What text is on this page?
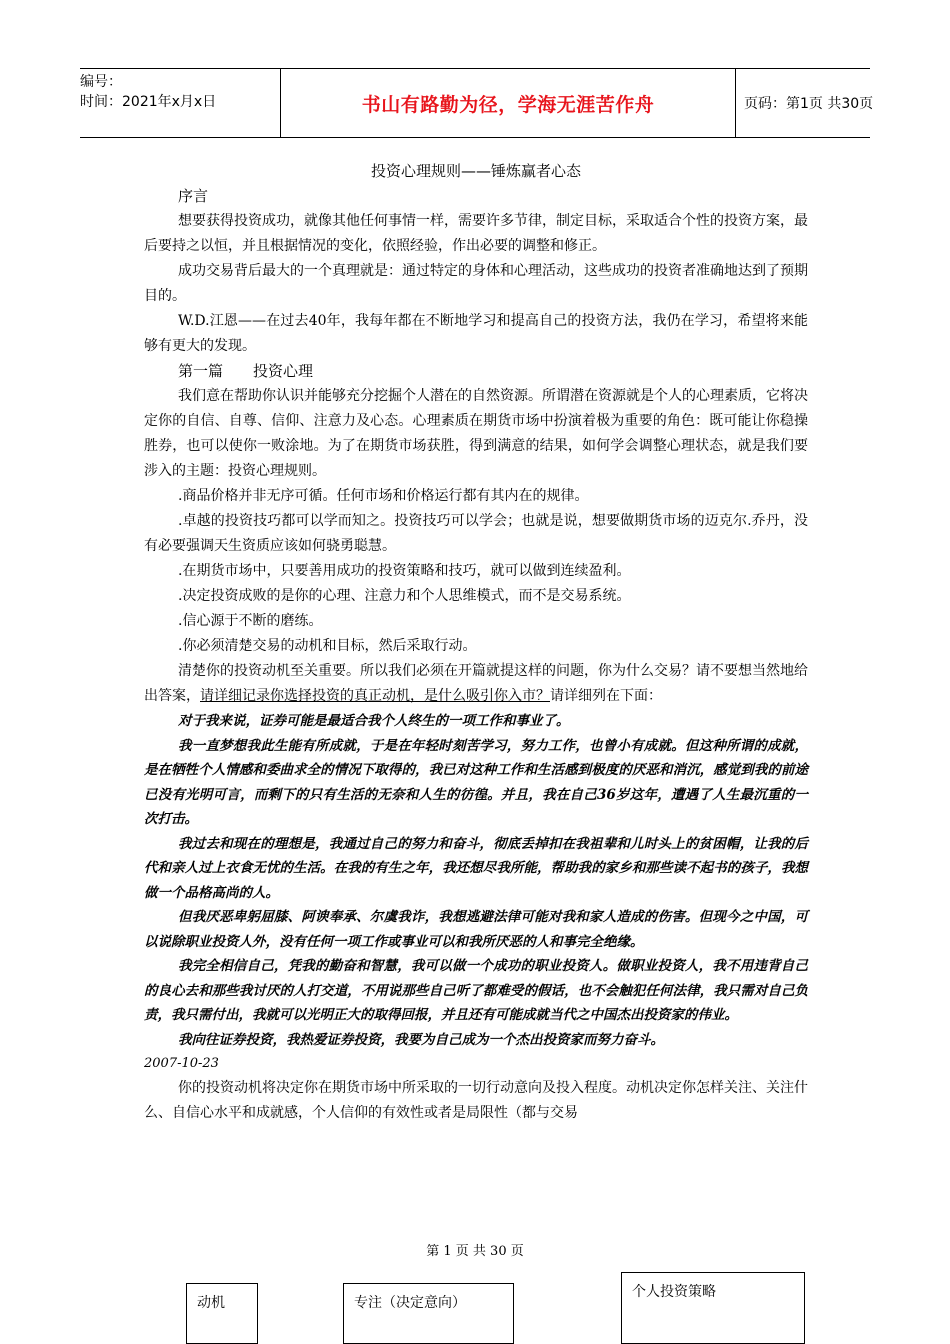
编号：
时间：2021年x月x日	书山有路勤为径，学海无涯苦作舟	页码：第1页 共30页
投资心理规则——锤炼赢者心态
序言

想要获得投资成功，就像其他任何事情一样，需要许多节律，制定目标，采取适合个性的投资方案，最后要持之以恒，并且根据情况的变化，依照经验，作出必要的调整和修正。

成功交易背后最大的一个真理就是：通过特定的身体和心理活动，这些成功的投资者准确地达到了预期目的。

W.D.江恩——在过去40年，我每年都在不断地学习和提高自己的投资方法，我仍在学习，希望将来能够有更大的发现。

第一篇　　投资心理

我们意在帮助你认识并能够充分挖掘个人潜在的自然资源。所谓潜在资源就是个人的心理素质，它将决定你的自信、自尊、信仰、注意力及心态。心理素质在期货市场中扮演着极为重要的角色：既可能让你稳操胜券，也可以使你一败涂地。为了在期货市场获胜，得到满意的结果，如何学会调整心理状态，就是我们要涉入的主题：投资心理规则。

.商品价格并非无序可循。任何市场和价格运行都有其内在的规律。

.卓越的投资技巧都可以学而知之。投资技巧可以学会；也就是说，想要做期货市场的迈克尔.乔丹，没有必要强调天生资质应该如何骁勇聪慧。

.在期货市场中，只要善用成功的投资策略和技巧，就可以做到连续盈利。

.决定投资成败的是你的心理、注意力和个人思维模式，而不是交易系统。

.信心源于不断的磨练。

.你必须清楚交易的动机和目标，然后采取行动。

清楚你的投资动机至关重要。所以我们必须在开篇就提这样的问题，你为什么交易？请不要想当然地给出答案，请详细记录你选择投资的真正动机，是什么吸引你入市？请详细列在下面：

对于我来说，证券可能是最适合我个人终生的一项工作和事业了。

我一直梦想我此生能有所成就，于是在年轻时刻苦学习，努力工作，也曾小有成就。但这种所谓的成就，是在牺牲个人情感和委曲求全的情况下取得的，我已对这种工作和生活感到极度的厌恶和消沉，感觉到我的前途已没有光明可言，而剩下的只有生活的无奈和人生的彷徨。并且，我在自己36岁这年，遭遇了人生最沉重的一次打击。

我过去和现在的理想是，我通过自己的努力和奋斗，彻底丢掉扣在我祖辈和儿时头上的贫困帽，让我的后代和亲人过上衣食无忧的生活。在我的有生之年，我还想尽我所能，帮助我的家乡和那些读不起书的孩子，我想做一个品格高尚的人。

但我厌恶卑躬屈膝、阿谀奉承、尔虞我诈，我想逃避法律可能对我和家人造成的伤害。但现今之中国，可以说除职业投资人外，没有任何一项工作或事业可以和我所厌恶的人和事完全绝缘。

我完全相信自己，凭我的勤奋和智慧，我可以做一个成功的职业投资人。做职业投资人，我不用违背自己的良心去和那些我讨厌的人打交道，不用说那些自己听了都难受的假话，也不会触犯任何法律，我只需对自己负责，我只需付出，我就可以光明正大的取得回报，并且还有可能成就当代之中国杰出投资家的伟业。

我向往证券投资，我热爱证券投资，我要为自己成为一个杰出投资家而努力奋斗。

2007-10-23

你的投资动机将决定你在期货市场中所采取的一切行动意向及投入程度。动机决定你怎样关注、关注什么、自信心水平和成就感，个人信仰的有效性或者是局限性（都与交易

第 1 页 共 30 页
动机	专注（决定意向）
个人投资策略
